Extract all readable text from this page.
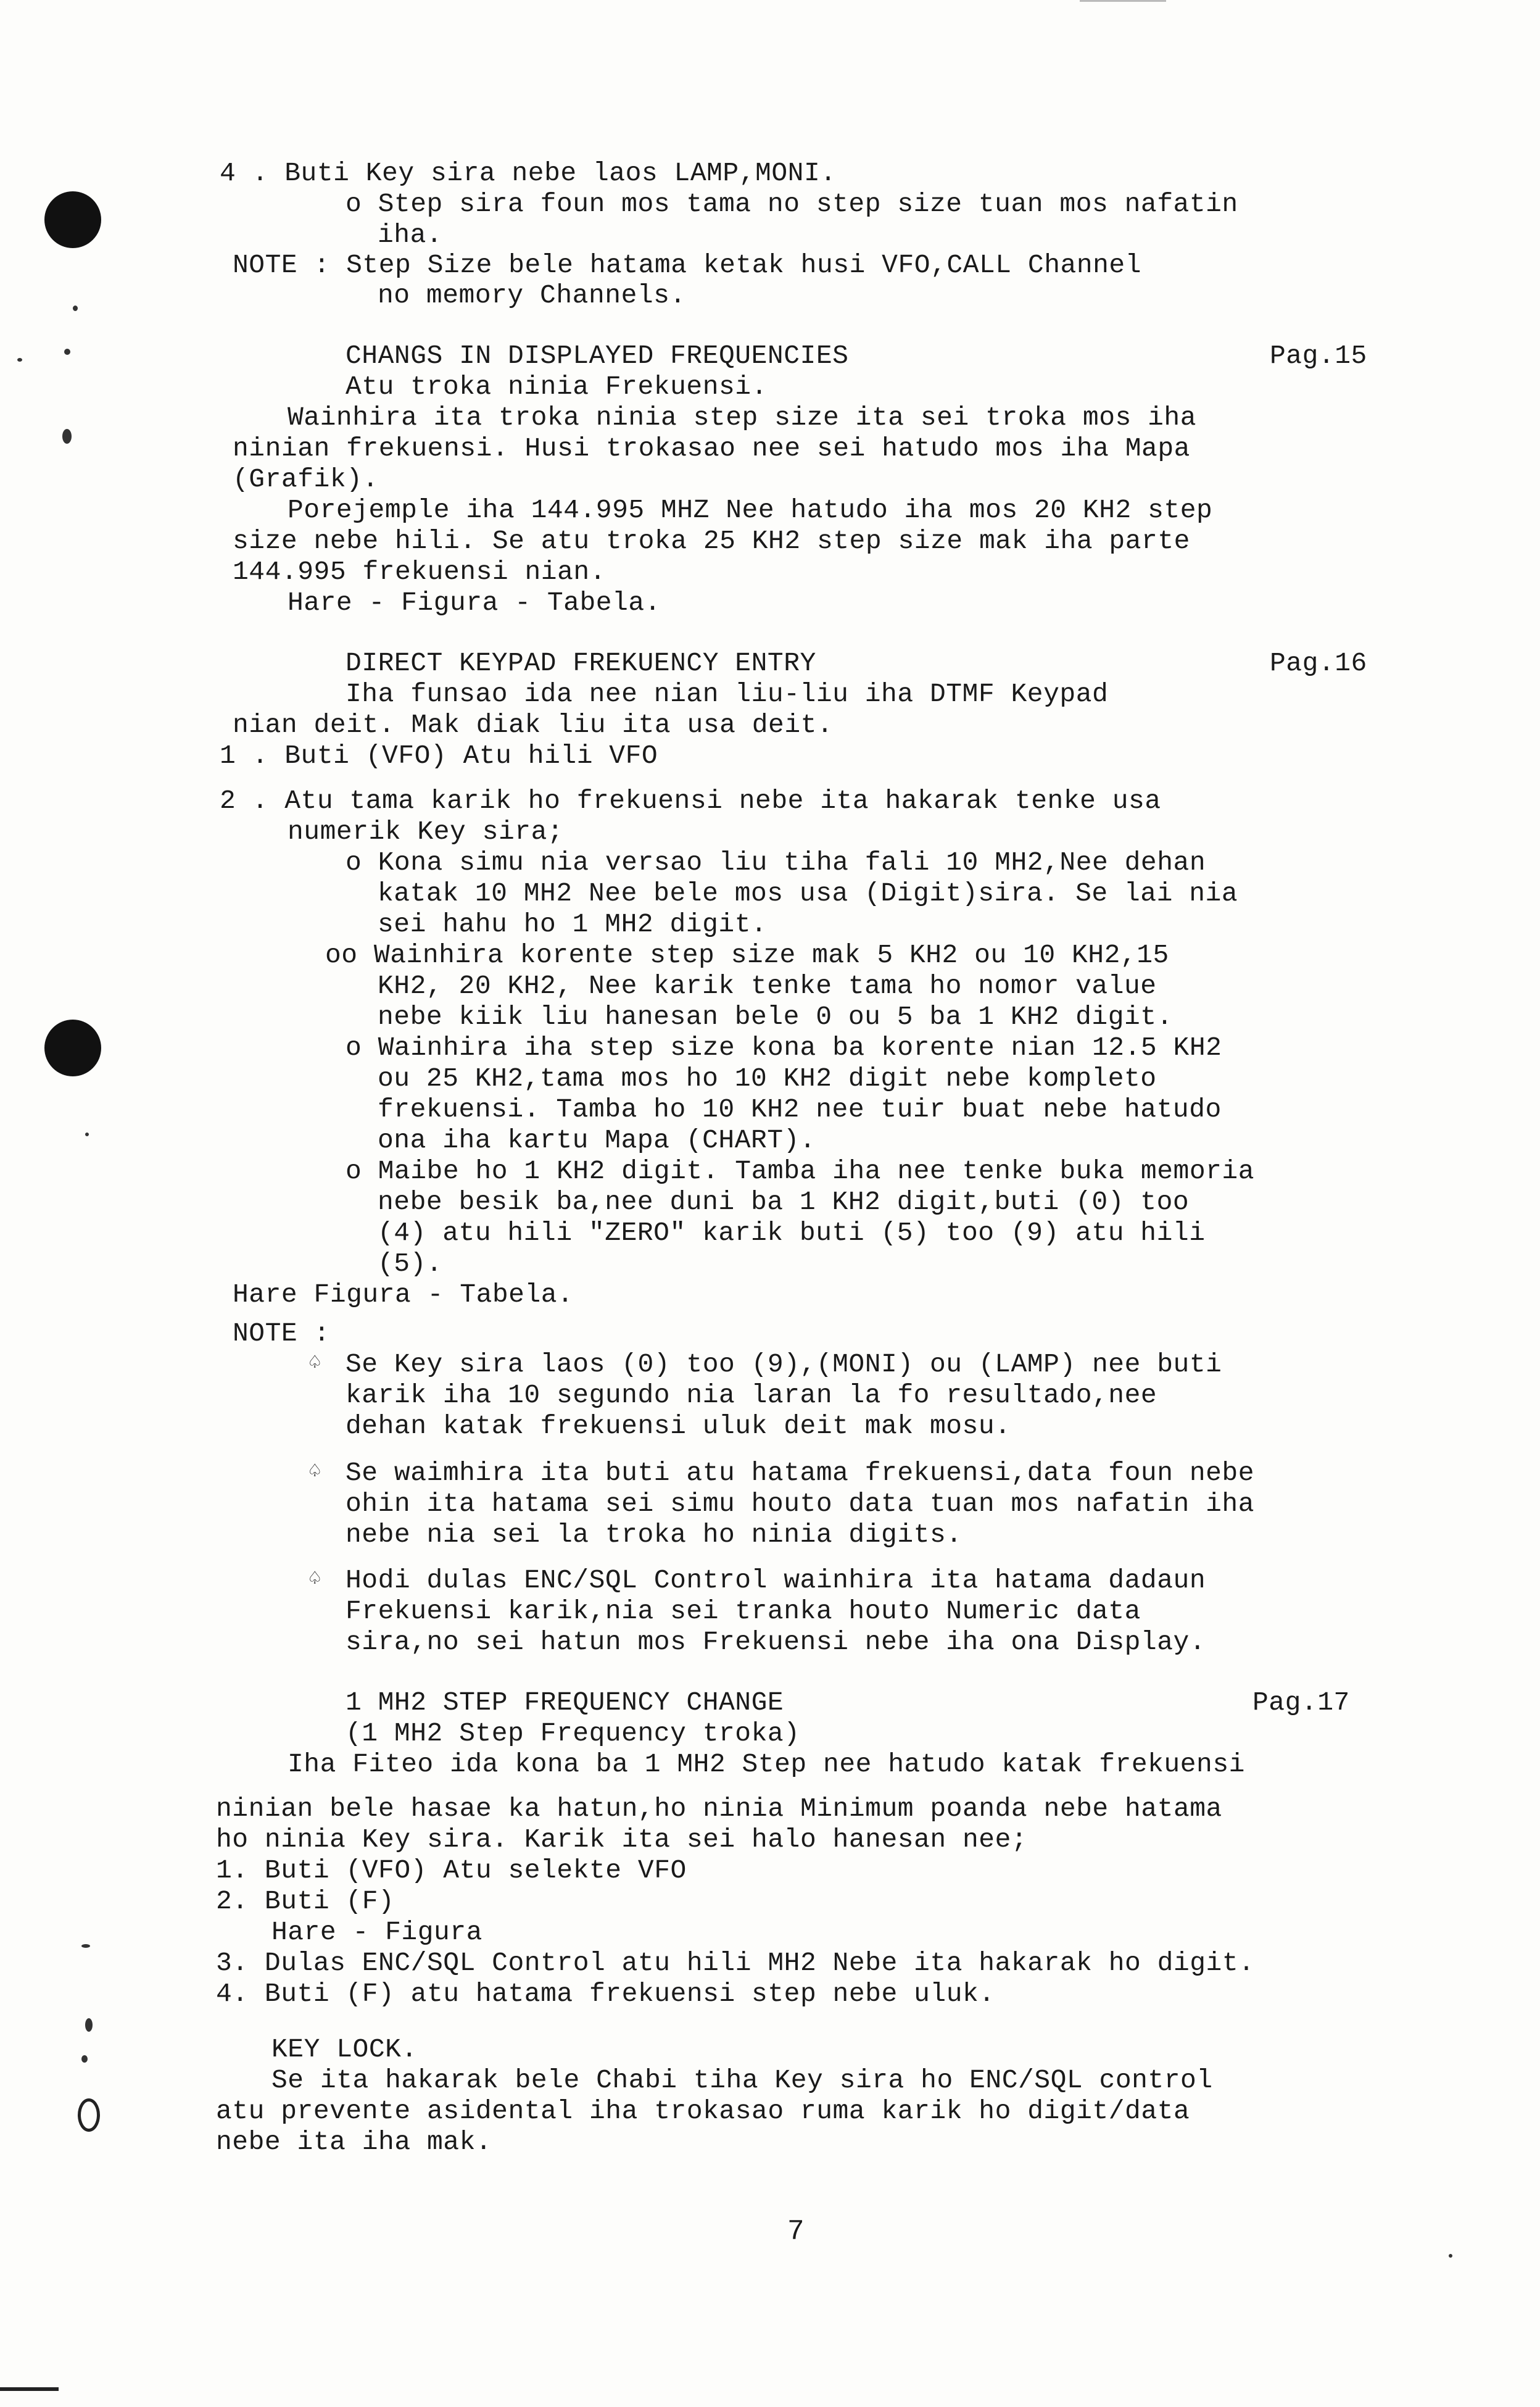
4 . Buti Key sira nebe laos LAMP,MONI.
o Step sira foun mos tama no step size tuan mos nafatin
iha.
NOTE : Step Size bele hatama ketak husi VFO,CALL Channel
no memory Channels.
CHANGS IN DISPLAYED FREQUENCIES	Pag.15
Atu troka ninia Frekuensi.
Wainhira ita troka ninia step size ita sei troka mos iha
ninian frekuensi. Husi trokasao nee sei hatudo mos iha Mapa
(Grafik).
Porejemple iha 144.995 MHZ Nee hatudo iha mos 20 KH2 step
size nebe hili. Se atu troka 25 KH2 step size mak iha parte
144.995 frekuensi nian.
Hare - Figura - Tabela.
DIRECT KEYPAD FREKUENCY ENTRY	Pag.16
Iha funsao ida nee nian liu-liu iha DTMF Keypad
nian deit. Mak diak liu ita usa deit.
1 . Buti (VFO) Atu hili VFO
2 . Atu tama karik ho frekuensi nebe ita hakarak tenke usa
numerik Key sira;
o Kona simu nia versao liu tiha fali 10 MH2,Nee dehan
katak 10 MH2 Nee bele mos usa (Digit)sira. Se lai nia
sei hahu ho 1 MH2 digit.
oo Wainhira korente step size mak 5 KH2 ou 10 KH2,15
KH2, 20 KH2, Nee karik tenke tama ho nomor value
nebe kiik liu hanesan bele 0 ou 5 ba 1 KH2 digit.
o Wainhira iha step size kona ba korente nian 12.5 KH2
ou 25 KH2,tama mos ho 10 KH2 digit nebe kompleto
frekuensi. Tamba ho 10 KH2 nee tuir buat nebe hatudo
ona iha kartu Mapa (CHART).
o Maibe ho 1 KH2 digit. Tamba iha nee tenke buka memoria
nebe besik ba,nee duni ba 1 KH2 digit,buti (0) too
(4) atu hili "ZERO" karik buti (5) too (9) atu hili
(5).
Hare Figura - Tabela.
NOTE :
♤ Se Key sira laos (0) too (9),(MONI) ou (LAMP) nee buti
karik iha 10 segundo nia laran la fo resultado,nee
dehan katak frekuensi uluk deit mak mosu.
♤ Se waimhira ita buti atu hatama frekuensi,data foun nebe
ohin ita hatama sei simu houto data tuan mos nafatin iha
nebe nia sei la troka ho ninia digits.
♤ Hodi dulas ENC/SQL Control wainhira ita hatama dadaun
Frekuensi karik,nia sei tranka houto Numeric data
sira,no sei hatun mos Frekuensi nebe iha ona Display.
1 MH2 STEP FREQUENCY CHANGE	Pag.17
(1 MH2 Step Frequency troka)
Iha Fiteo ida kona ba 1 MH2 Step nee hatudo katak frekuensi
ninian bele hasae ka hatun,ho ninia Minimum poanda nebe hatama
ho ninia Key sira. Karik ita sei halo hanesan nee;
1. Buti (VFO) Atu selekte VFO
2. Buti (F)
Hare - Figura
3. Dulas ENC/SQL Control atu hili MH2 Nebe ita hakarak ho digit.
4. Buti (F) atu hatama frekuensi step nebe uluk.
KEY LOCK.
Se ita hakarak bele Chabi tiha Key sira ho ENC/SQL control
atu prevente asidental iha trokasao ruma karik ho digit/data
nebe ita iha mak.
7
